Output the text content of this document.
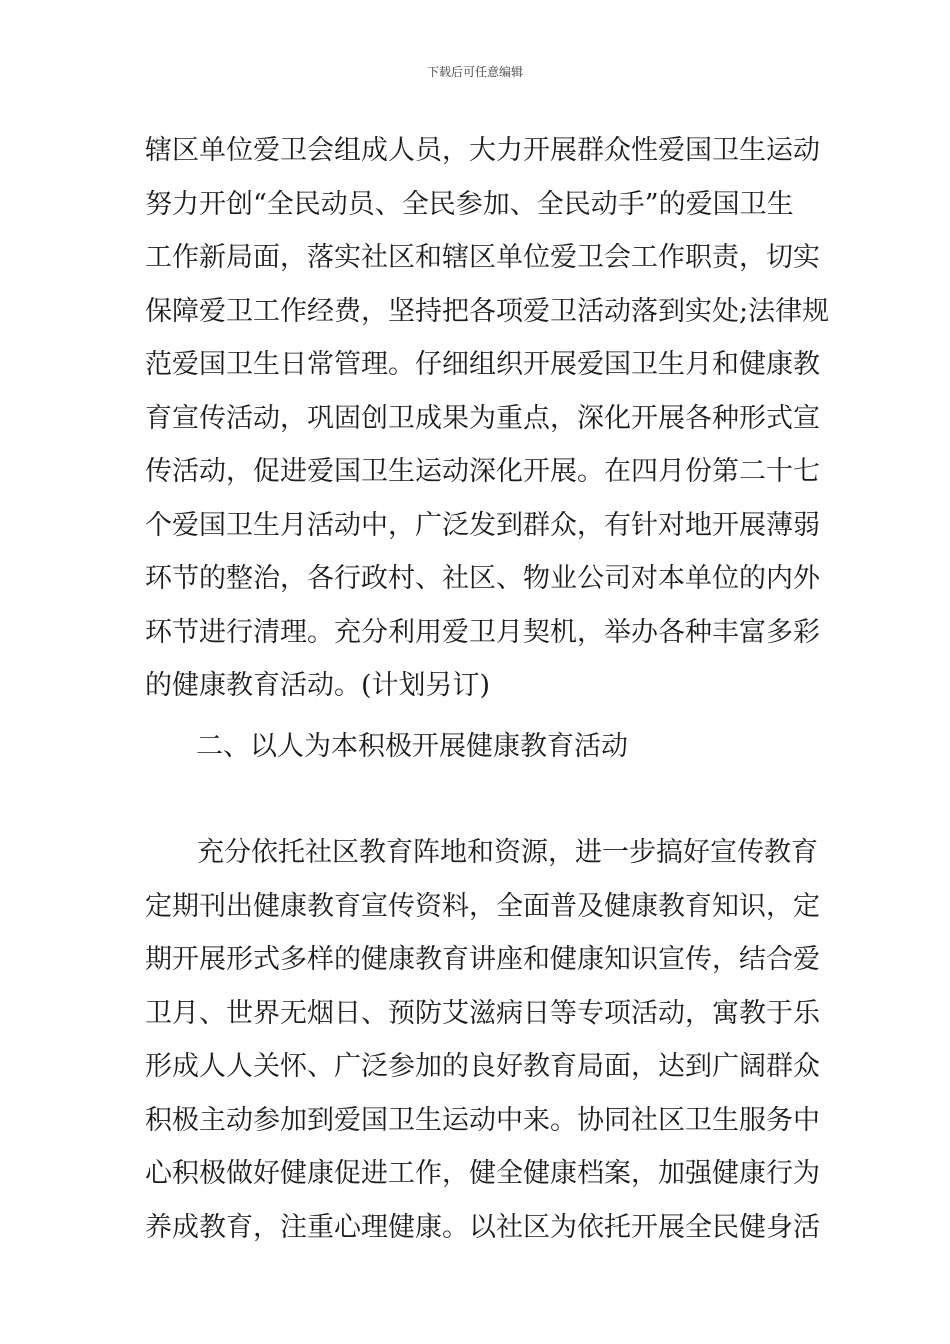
下载后可任意编辑
辖区单位爱卫会组成人员，大力开展群众性爱国卫生运动
努力开创“全民动员、全民参加、全民动手”的爱国卫生
工作新局面，落实社区和辖区单位爱卫会工作职责，切实
保障爱卫工作经费，坚持把各项爱卫活动落到实处;法律规
范爱国卫生日常管理。仔细组织开展爱国卫生月和健康教
育宣传活动，巩固创卫成果为重点，深化开展各种形式宣
传活动，促进爱国卫生运动深化开展。在四月份第二十七
个爱国卫生月活动中，广泛发到群众，有针对地开展薄弱
环节的整治，各行政村、社区、物业公司对本单位的内外
环节进行清理。充分利用爱卫月契机，举办各种丰富多彩
的健康教育活动。(计划另订)
二、以人为本积极开展健康教育活动
充分依托社区教育阵地和资源，进一步搞好宣传教育
定期刊出健康教育宣传资料，全面普及健康教育知识，定
期开展形式多样的健康教育讲座和健康知识宣传，结合爱
卫月、世界无烟日、预防艾滋病日等专项活动，寓教于乐
形成人人关怀、广泛参加的良好教育局面，达到广阔群众
积极主动参加到爱国卫生运动中来。协同社区卫生服务中
心积极做好健康促进工作，健全健康档案，加强健康行为
养成教育，注重心理健康。以社区为依托开展全民健身活
